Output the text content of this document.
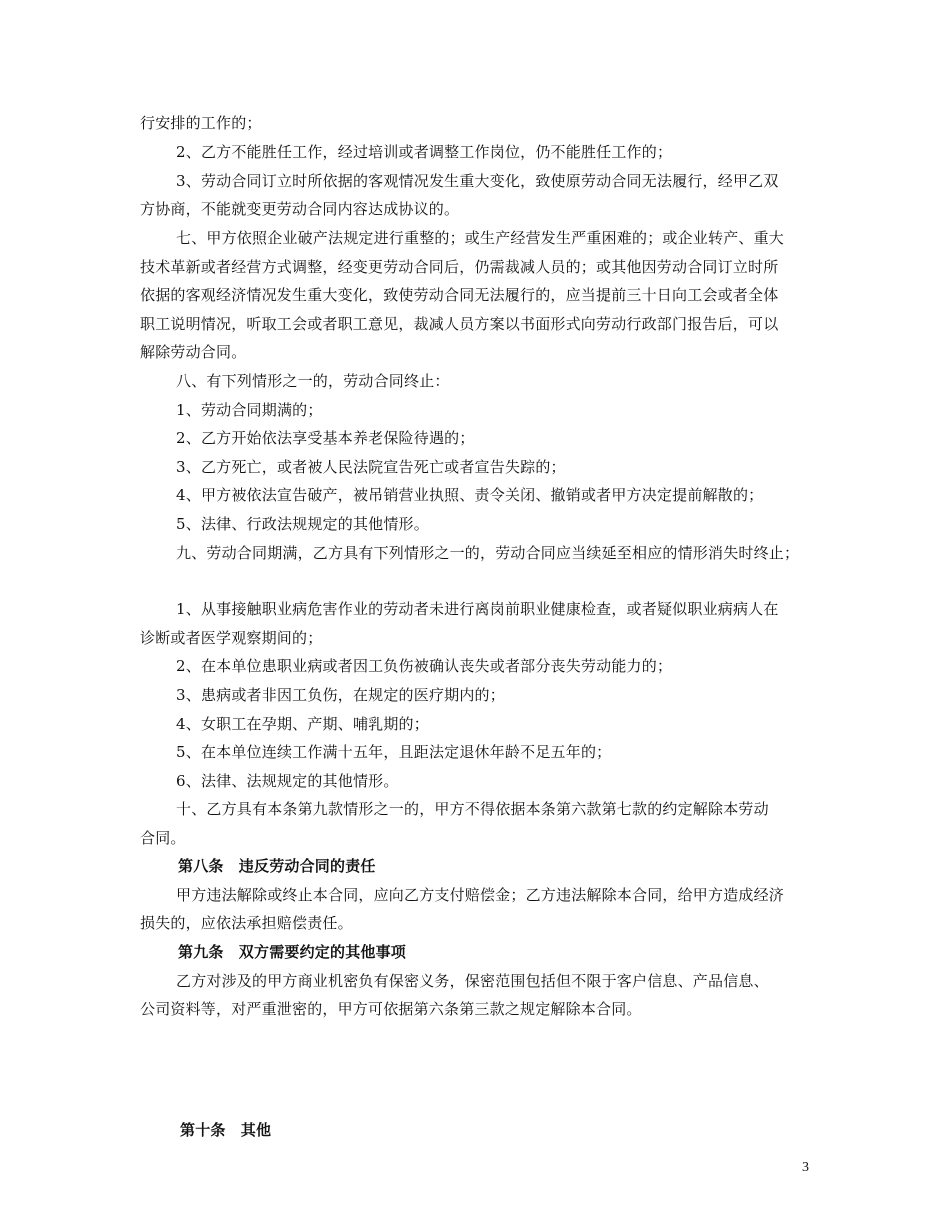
行安排的工作的；
2、乙方不能胜任工作，经过培训或者调整工作岗位，仍不能胜任工作的；
3、劳动合同订立时所依据的客观情况发生重大变化，致使原劳动合同无法履行，经甲乙双
方协商，不能就变更劳动合同内容达成协议的。
七、甲方依照企业破产法规定进行重整的；或生产经营发生严重困难的；或企业转产、重大
技术革新或者经营方式调整，经变更劳动合同后，仍需裁减人员的；或其他因劳动合同订立时所
依据的客观经济情况发生重大变化，致使劳动合同无法履行的，应当提前三十日向工会或者全体
职工说明情况，听取工会或者职工意见，裁减人员方案以书面形式向劳动行政部门报告后，可以
解除劳动合同。
八、有下列情形之一的，劳动合同终止：
1、劳动合同期满的；
2、乙方开始依法享受基本养老保险待遇的；
3、乙方死亡，或者被人民法院宣告死亡或者宣告失踪的；
4、甲方被依法宣告破产，被吊销营业执照、责令关闭、撤销或者甲方决定提前解散的；
5、法律、行政法规规定的其他情形。
九、劳动合同期满，乙方具有下列情形之一的，劳动合同应当续延至相应的情形消失时终止；
1、从事接触职业病危害作业的劳动者未进行离岗前职业健康检查，或者疑似职业病病人在
诊断或者医学观察期间的；
2、在本单位患职业病或者因工负伤被确认丧失或者部分丧失劳动能力的；
3、患病或者非因工负伤，在规定的医疗期内的；
4、女职工在孕期、产期、哺乳期的；
5、在本单位连续工作满十五年，且距法定退休年龄不足五年的；
6、法律、法规规定的其他情形。
十、乙方具有本条第九款情形之一的，甲方不得依据本条第六款第七款的约定解除本劳动
合同。
第八条　违反劳动合同的责任
甲方违法解除或终止本合同，应向乙方支付赔偿金；乙方违法解除本合同，给甲方造成经济
损失的，应依法承担赔偿责任。
第九条　双方需要约定的其他事项
乙方对涉及的甲方商业机密负有保密义务，保密范围包括但不限于客户信息、产品信息、
公司资料等，对严重泄密的，甲方可依据第六条第三款之规定解除本合同。
第十条　其他
3
